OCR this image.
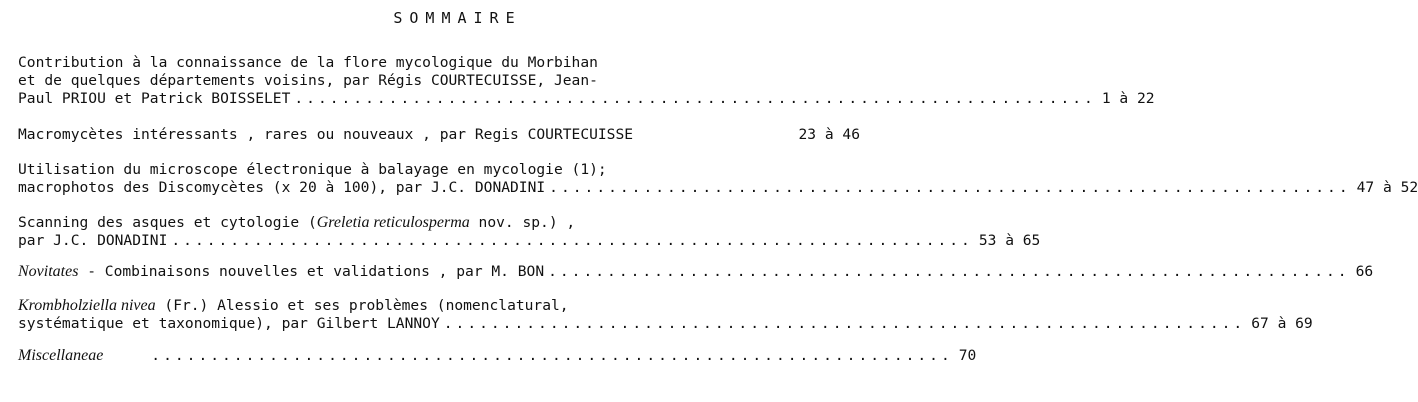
SOMMAIRE
Contribution à la connaissance de la flore mycologique du Morbihan
et de quelques départements voisins, par Régis COURTECUISSE, Jean-
Paul PRIOU et Patrick BOISSELET .................................................................... 1 à 22
Macromycètes intéressants , rares ou nouveaux , par Regis COURTECUISSE	23 à 46
Utilisation du microscope électronique à balayage en mycologie (1);
macrophotos des Discomycètes (x 20 à 100), par J.C. DONADINI .................................................................... 47 à 52
Scanning des asques et cytologie (Greletia reticulosperma nov. sp.) ,
par J.C. DONADINI .................................................................... 53 à 65
Novitates - Combinaisons nouvelles et validations , par M. BON .................................................................... 66
Krombholziella nivea (Fr.) Alessio et ses problèmes (nomenclatural,
systématique et taxonomique), par Gilbert LANNOY .................................................................... 67 à 69
Miscellaneae	.................................................................... 70
